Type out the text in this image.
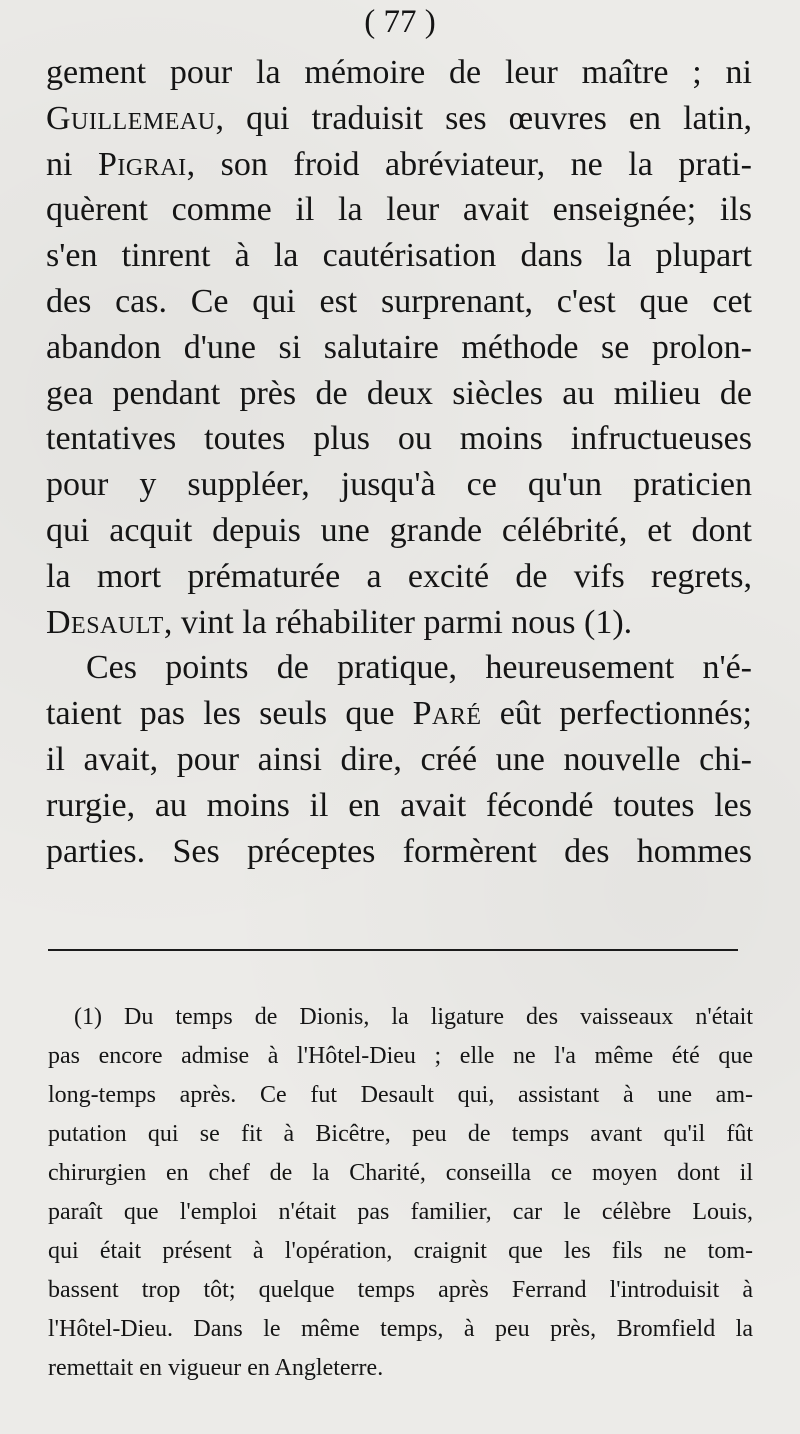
( 77 )
gement pour la mémoire de leur maître ; ni
Guillemeau, qui traduisit ses œuvres en latin,
ni Pigrai, son froid abréviateur, ne la prati-
quèrent comme il la leur avait enseignée; ils
s'en tinrent à la cautérisation dans la plupart
des cas. Ce qui est surprenant, c'est que cet
abandon d'une si salutaire méthode se prolon-
gea pendant près de deux siècles au milieu de
tentatives toutes plus ou moins infructueuses
pour y suppléer, jusqu'à ce qu'un praticien
qui acquit depuis une grande célébrité, et dont
la mort prématurée a excité de vifs regrets,
Desault, vint la réhabiliter parmi nous (1).
Ces points de pratique, heureusement n'é-
taient pas les seuls que Paré eût perfectionnés;
il avait, pour ainsi dire, créé une nouvelle chi-
rurgie, au moins il en avait fécondé toutes les
parties. Ses préceptes formèrent des hommes
(1) Du temps de Dionis, la ligature des vaisseaux n'était
pas encore admise à l'Hôtel-Dieu ; elle ne l'a même été que
long-temps après. Ce fut Desault qui, assistant à une am-
putation qui se fit à Bicêtre, peu de temps avant qu'il fût
chirurgien en chef de la Charité, conseilla ce moyen dont il
paraît que l'emploi n'était pas familier, car le célèbre Louis,
qui était présent à l'opération, craignit que les fils ne tom-
bassent trop tôt; quelque temps après Ferrand l'introduisit à
l'Hôtel-Dieu. Dans le même temps, à peu près, Bromfield la
remettait en vigueur en Angleterre.
